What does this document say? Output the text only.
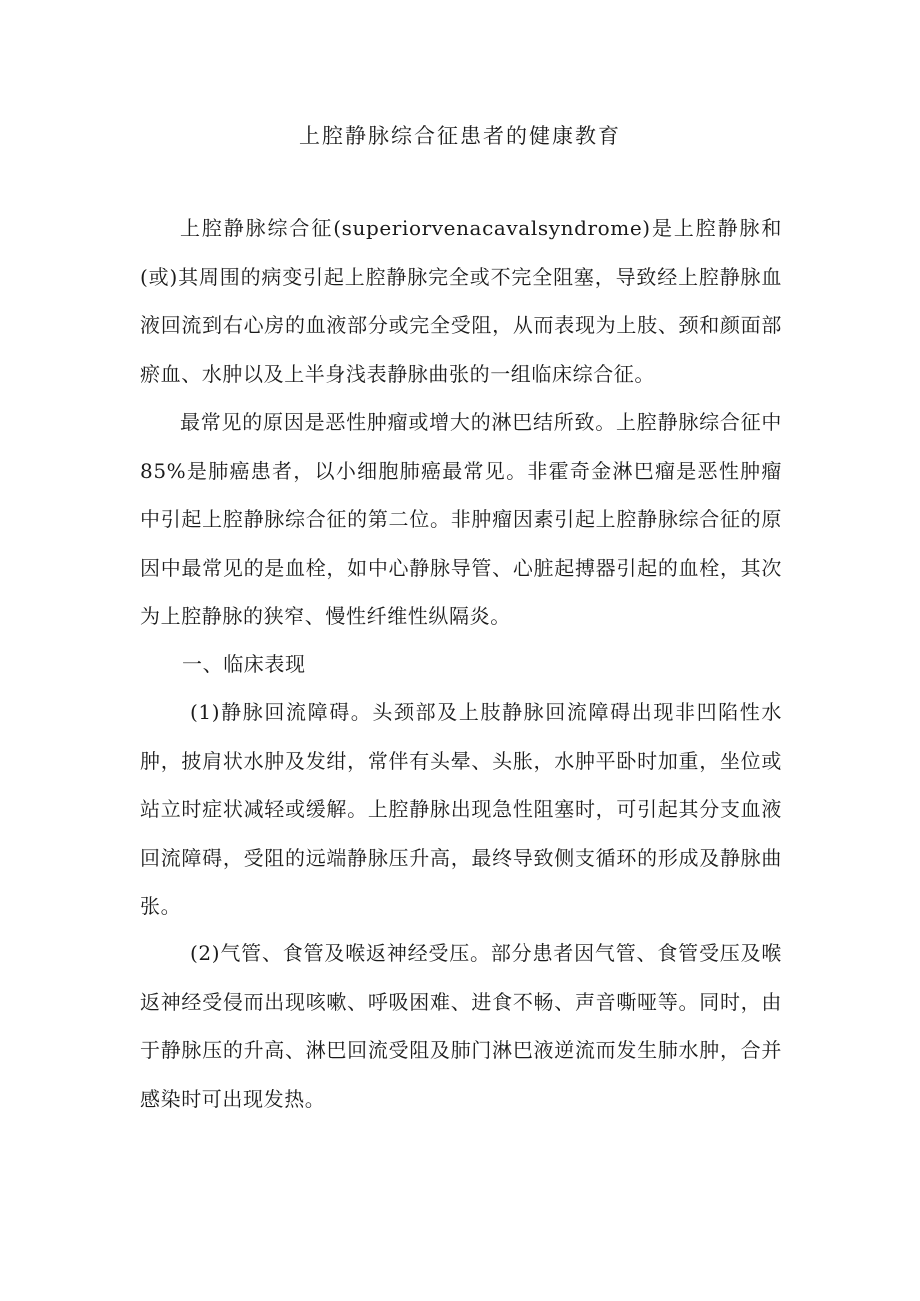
上腔静脉综合征患者的健康教育

上腔静脉综合征(superiorvenacavalsyndrome)是上腔静脉和(或)其周围的病变引起上腔静脉完全或不完全阻塞，导致经上腔静脉血液回流到右心房的血液部分或完全受阻，从而表现为上肢、颈和颜面部瘀血、水肿以及上半身浅表静脉曲张的一组临床综合征。

最常见的原因是恶性肿瘤或增大的淋巴结所致。上腔静脉综合征中85%是肺癌患者，以小细胞肺癌最常见。非霍奇金淋巴瘤是恶性肿瘤中引起上腔静脉综合征的第二位。非肿瘤因素引起上腔静脉综合征的原因中最常见的是血栓，如中心静脉导管、心脏起搏器引起的血栓，其次为上腔静脉的狭窄、慢性纤维性纵隔炎。

一、临床表现

(1)静脉回流障碍。头颈部及上肢静脉回流障碍出现非凹陷性水肿，披肩状水肿及发绀，常伴有头晕、头胀，水肿平卧时加重，坐位或站立时症状减轻或缓解。上腔静脉出现急性阻塞时，可引起其分支血液回流障碍，受阻的远端静脉压升高，最终导致侧支循环的形成及静脉曲张。

(2)气管、食管及喉返神经受压。部分患者因气管、食管受压及喉返神经受侵而出现咳嗽、呼吸困难、进食不畅、声音嘶哑等。同时，由于静脉压的升高、淋巴回流受阻及肺门淋巴液逆流而发生肺水肿，合并感染时可出现发热。
